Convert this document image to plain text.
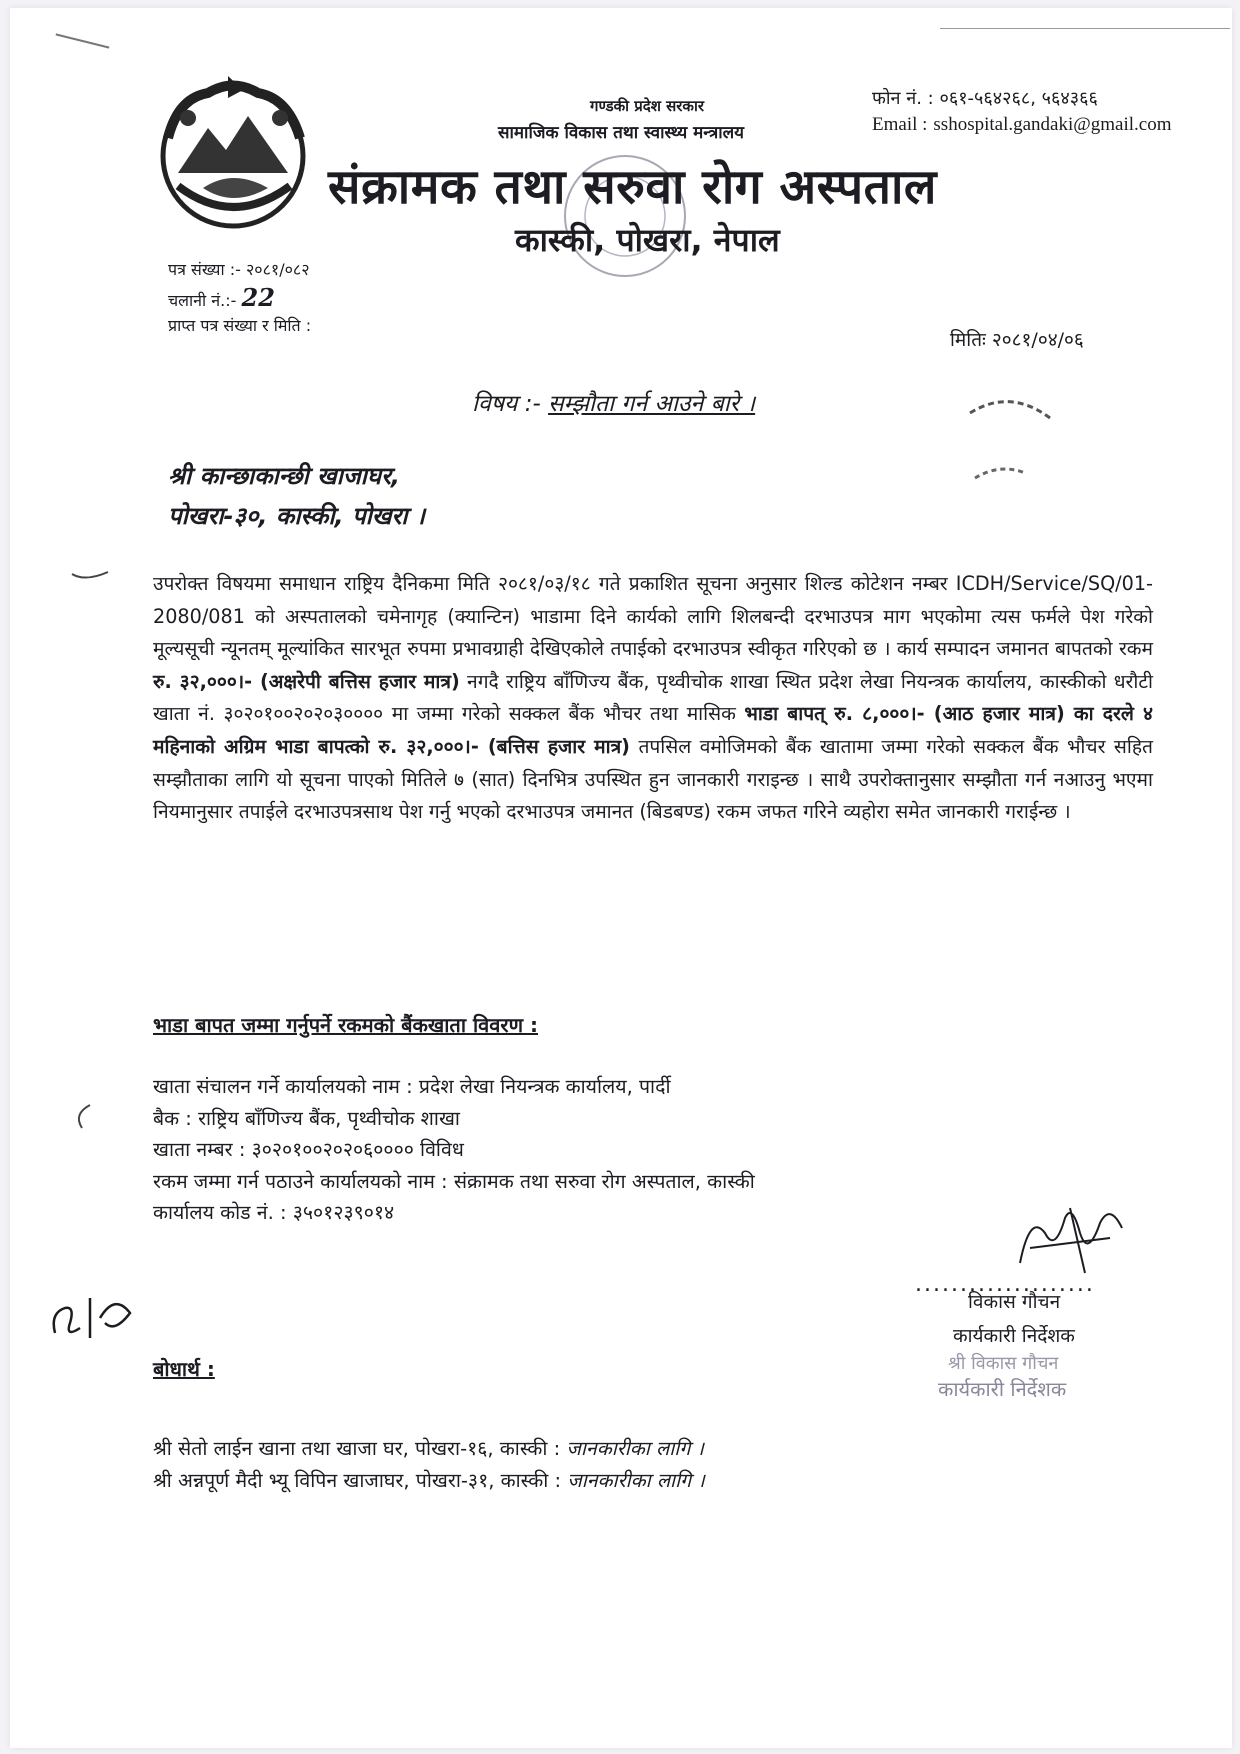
गण्डकी प्रदेश सरकार
सामाजिक विकास तथा स्वास्थ्य मन्त्रालय
संक्रामक तथा सरुवा रोग अस्पताल
कास्की, पोखरा, नेपाल
फोन नं. : ०६१-५६४२६८, ५६४३६६
Email : sshospital.gandaki@gmail.com
पत्र संख्या :- २०८१/०८२
चलानी नं.:- 22
प्राप्त पत्र संख्या र मिति :
मितिः २०८१/०४/०६
विषय :- सम्झौता गर्न आउने बारे ।
श्री कान्छाकान्छी खाजाघर,
पोखरा-३०, कास्की, पोखरा ।
उपरोक्त विषयमा समाधान राष्ट्रिय दैनिकमा मिति २०८१/०३/१८ गते प्रकाशित सूचना अनुसार शिल्ड कोटेशन नम्बर ICDH/Service/SQ/01-2080/081 को अस्पतालको चमेनागृह (क्यान्टिन) भाडामा दिने कार्यको लागि शिलबन्दी दरभाउपत्र माग भएकोमा त्यस फर्मले पेश गरेको मूल्यसूची न्यूनतम् मूल्यांकित सारभूत रुपमा प्रभावग्राही देखिएकोले तपाईको दरभाउपत्र स्वीकृत गरिएको छ । कार्य सम्पादन जमानत बापतको रकम रु. ३२,०००।- (अक्षरेपी बत्तिस हजार मात्र) नगदै राष्ट्रिय बाँणिज्य बैंक, पृथ्वीचोक शाखा स्थित प्रदेश लेखा नियन्त्रक कार्यालय, कास्कीको धरौटी खाता नं. ३०२०१००२०२०३०००० मा जम्मा गरेको सक्कल बैंक भौचर तथा मासिक भाडा बापत् रु. ८,०००।- (आठ हजार मात्र) का दरले ४ महिनाको अग्रिम भाडा बापत्को रु. ३२,०००।- (बत्तिस हजार मात्र) तपसिल वमोजिमको बैंक खातामा जम्मा गरेको सक्कल बैंक भौचर सहित सम्झौताका लागि यो सूचना पाएको मितिले ७ (सात) दिनभित्र उपस्थित हुन जानकारी गराइन्छ । साथै उपरोक्तानुसार सम्झौता गर्न नआउनु भएमा नियमानुसार तपाईले दरभाउपत्रसाथ पेश गर्नु भएको दरभाउपत्र जमानत (बिडबण्ड) रकम जफत गरिने व्यहोरा समेत जानकारी गराईन्छ ।
भाडा बापत जम्मा गर्नुपर्ने रकमको बैंकखाता विवरण :
खाता संचालन गर्ने कार्यालयको नाम : प्रदेश लेखा नियन्त्रक कार्यालय, पार्दी
बैक : राष्ट्रिय बाँणिज्य बैंक, पृथ्वीचोक शाखा
खाता नम्बर : ३०२०१००२०२०६०००० विविध
रकम जम्मा गर्न पठाउने कार्यालयको नाम : संक्रामक तथा सरुवा रोग अस्पताल, कास्की
कार्यालय कोड नं. : ३५०१२३९०१४
....................
विकास गौचन
कार्यकारी निर्देशक
श्री विकास गौचन
कार्यकारी निर्देशक
बोधार्थ :
श्री सेतो लाईन खाना तथा खाजा घर, पोखरा-१६, कास्की : जानकारीका लागि ।
श्री अन्नपूर्ण मैदी भ्यू विपिन खाजाघर, पोखरा-३१, कास्की : जानकारीका लागि ।
